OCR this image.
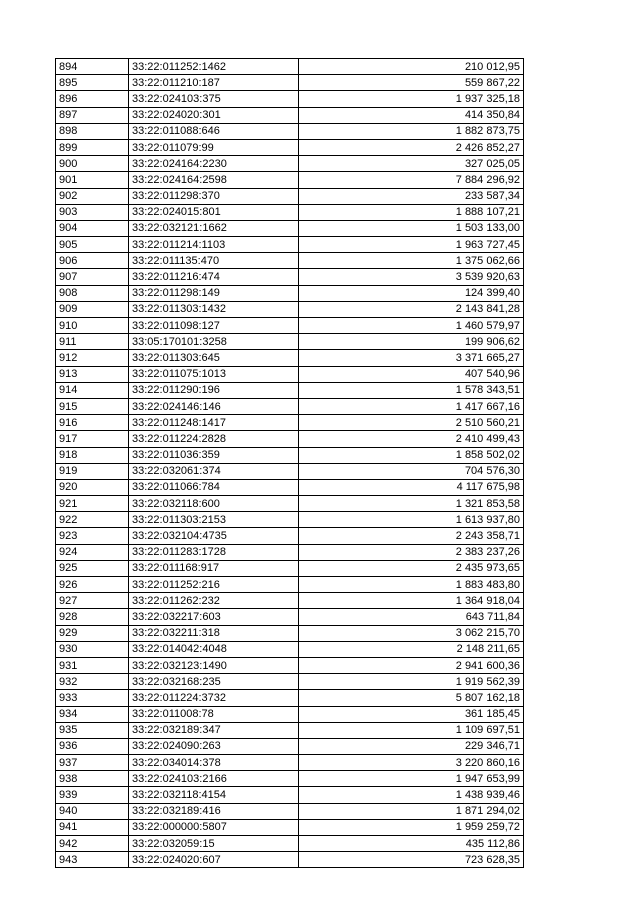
894	33:22:011252:1462	210 012,95
895	33:22:011210:187	559 867,22
896	33:22:024103:375	1 937 325,18
897	33:22:024020:301	414 350,84
898	33:22:011088:646	1 882 873,75
899	33:22:011079:99	2 426 852,27
900	33:22:024164:2230	327 025,05
901	33:22:024164:2598	7 884 296,92
902	33:22:011298:370	233 587,34
903	33:22:024015:801	1 888 107,21
904	33:22:032121:1662	1 503 133,00
905	33:22:011214:1103	1 963 727,45
906	33:22:011135:470	1 375 062,66
907	33:22:011216:474	3 539 920,63
908	33:22:011298:149	124 399,40
909	33:22:011303:1432	2 143 841,28
910	33:22:011098:127	1 460 579,97
911	33:05:170101:3258	199 906,62
912	33:22:011303:645	3 371 665,27
913	33:22:011075:1013	407 540,96
914	33:22:011290:196	1 578 343,51
915	33:22:024146:146	1 417 667,16
916	33:22:011248:1417	2 510 560,21
917	33:22:011224:2828	2 410 499,43
918	33:22:011036:359	1 858 502,02
919	33:22:032061:374	704 576,30
920	33:22:011066:784	4 117 675,98
921	33:22:032118:600	1 321 853,58
922	33:22:011303:2153	1 613 937,80
923	33:22:032104:4735	2 243 358,71
924	33:22:011283:1728	2 383 237,26
925	33:22:011168:917	2 435 973,65
926	33:22:011252:216	1 883 483,80
927	33:22:011262:232	1 364 918,04
928	33:22:032217:603	643 711,84
929	33:22:032211:318	3 062 215,70
930	33:22:014042:4048	2 148 211,65
931	33:22:032123:1490	2 941 600,36
932	33:22:032168:235	1 919 562,39
933	33:22:011224:3732	5 807 162,18
934	33:22:011008:78	361 185,45
935	33:22:032189:347	1 109 697,51
936	33:22:024090:263	229 346,71
937	33:22:034014:378	3 220 860,16
938	33:22:024103:2166	1 947 653,99
939	33:22:032118:4154	1 438 939,46
940	33:22:032189:416	1 871 294,02
941	33:22:000000:5807	1 959 259,72
942	33:22:032059:15	435 112,86
943	33:22:024020:607	723 628,35
